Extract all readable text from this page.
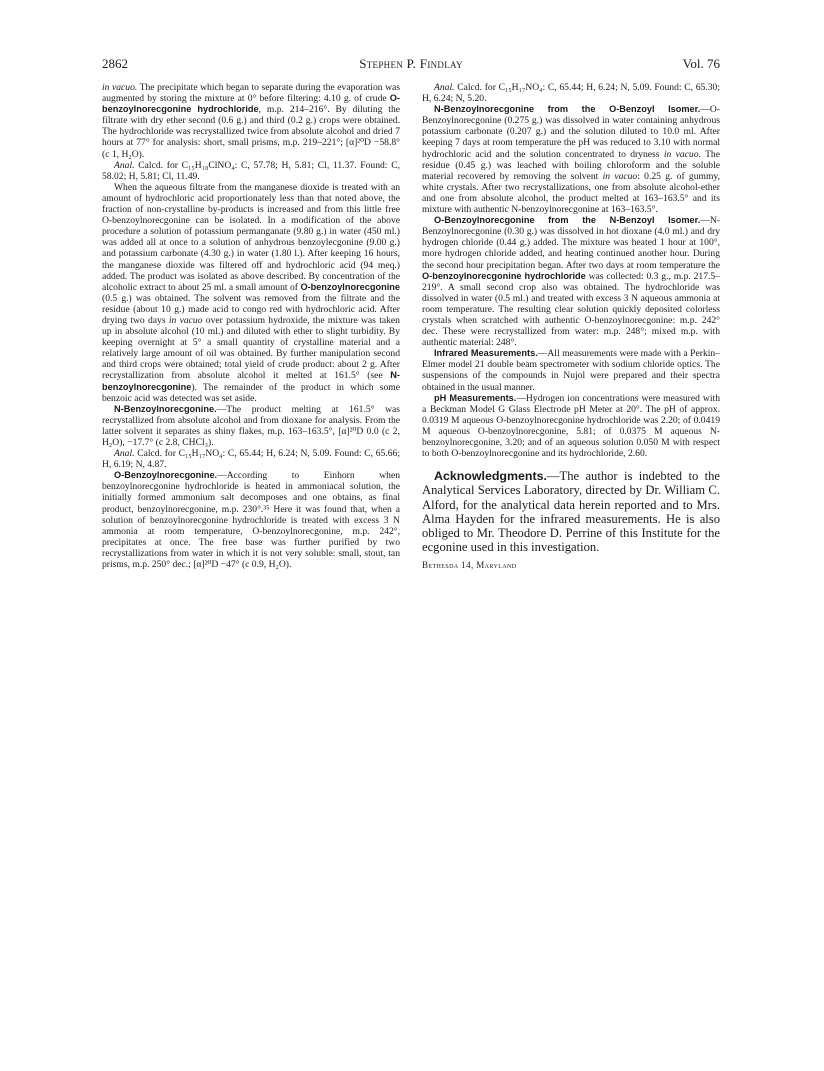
2862	Stephen P. Findlay	Vol. 76

in vacuo. The precipitate which began to separate during the evaporation was augmented by storing the mixture at 0° before filtering: 4.10 g. of crude O-benzoylnorecgonine hydrochloride, m.p. 214–216°. By diluting the filtrate with dry ether second (0.6 g.) and third (0.2 g.) crops were obtained. The hydrochloride was recrystallized twice from absolute alcohol and dried 7 hours at 77° for analysis: short, small prisms, m.p. 219–221°; [α]²⁰D −58.8° (c 1, H₂O).

Anal. Calcd. for C₁₅H₁₈ClNO₄: C, 57.78; H, 5.81; Cl, 11.37. Found: C, 58.02; H, 5.81; Cl, 11.49.

When the aqueous filtrate from the manganese dioxide is treated with an amount of hydrochloric acid proportionately less than that noted above, the fraction of non-crystalline by-products is increased and from this little free O-benzoylnorecgonine can be isolated. In a modification of the above procedure a solution of potassium permanganate (9.80 g.) in water (450 ml.) was added all at once to a solution of anhydrous benzoylecgonine (9.00 g.) and potassium carbonate (4.30 g.) in water (1.80 l.). After keeping 16 hours, the manganese dioxide was filtered off and hydrochloric acid (94 meq.) added. The product was isolated as above described. By concentration of the alcoholic extract to about 25 ml. a small amount of O-benzoylnorecgonine (0.5 g.) was obtained. The solvent was removed from the filtrate and the residue (about 10 g.) made acid to congo red with hydrochloric acid. After drying two days in vacuo over potassium hydroxide, the mixture was taken up in absolute alcohol (10 ml.) and diluted with ether to slight turbidity. By keeping overnight at 5° a small quantity of crystalline material and a relatively large amount of oil was obtained. By further manipulation second and third crops were obtained; total yield of crude product: about 2 g. After recrystallization from absolute alcohol it melted at 161.5° (see N-benzoylnorecgonine). The remainder of the product in which some benzoic acid was detected was set aside.

N-Benzoylnorecgonine.—The product melting at 161.5° was recrystallized from absolute alcohol and from dioxane for analysis. From the latter solvent it separates as shiny flakes, m.p. 163–163.5°, [α]²⁰D 0.0 (c 2, H₂O), −17.7° (c 2.8, CHCl₃).

Anal. Calcd. for C₁₅H₁₇NO₄: C, 65.44; H, 6.24; N, 5.09. Found: C, 65.66; H, 6.19; N, 4.87.

O-Benzoylnorecgonine.—According to Einhorn when benzoylnorecgonine hydrochloride is heated in ammoniacal solution, the initially formed ammonium salt decomposes and one obtains, as final product, benzoylnorecgonine, m.p. 230°.³⁵ Here it was found that, when a solution of benzoylnorecgonine hydrochloride is treated with excess 3 N ammonia at room temperature, O-benzoylnorecgonine, m.p. 242°, precipitates at once. The free base was further purified by two recrystallizations from water in which it is not very soluble: small, stout, tan prisms, m.p. 250° dec.; [α]²⁰D −47° (c 0.9, H₂O).

Anal. Calcd. for C₁₅H₁₇NO₄: C, 65.44; H, 6.24; N, 5.09. Found: C, 65.30; H, 6.24; N, 5.20.

N-Benzoylnorecgonine from the O-Benzoyl Isomer.—O-Benzoylnorecgonine (0.275 g.) was dissolved in water containing anhydrous potassium carbonate (0.207 g.) and the solution diluted to 10.0 ml. After keeping 7 days at room temperature the pH was reduced to 3.10 with normal hydrochloric acid and the solution concentrated to dryness in vacuo. The residue (0.45 g.) was leached with boiling chloroform and the soluble material recovered by removing the solvent in vacuo: 0.25 g. of gummy, white crystals. After two recrystallizations, one from absolute alcohol-ether and one from absolute alcohol, the product melted at 163–163.5° and its mixture with authentic N-benzoylnorecgonine at 163–163.5°.

O-Benzoylnorecgonine from the N-Benzoyl Isomer.—N-Benzoylnorecgonine (0.30 g.) was dissolved in hot dioxane (4.0 ml.) and dry hydrogen chloride (0.44 g.) added. The mixture was heated 1 hour at 100°, more hydrogen chloride added, and heating continued another hour. During the second hour precipitation began. After two days at room temperature the O-benzoylnorecgonine hydrochloride was collected: 0.3 g., m.p. 217.5–219°. A small second crop also was obtained. The hydrochloride was dissolved in water (0.5 ml.) and treated with excess 3 N aqueous ammonia at room temperature. The resulting clear solution quickly deposited colorless crystals when scratched with authentic O-benzoylnorecgonine: m.p. 242° dec. These were recrystallized from water: m.p. 248°; mixed m.p. with authentic material: 248°.

Infrared Measurements.—All measurements were made with a Perkin–Elmer model 21 double beam spectrometer with sodium chloride optics. The suspensions of the compounds in Nujol were prepared and their spectra obtained in the usual manner.

pH Measurements.—Hydrogen ion concentrations were measured with a Beckman Model G Glass Electrode pH Meter at 20°. The pH of approx. 0.0319 M aqueous O-benzoylnorecgonine hydrochloride was 2.20; of 0.0419 M aqueous O-benzoylnorecgonine, 5.81; of 0.0375 M aqueous N-benzoylnorecgonine, 3.20; and of an aqueous solution 0.050 M with respect to both O-benzoylnorecgonine and its hydrochloride, 2.60.

Acknowledgments.—The author is indebted to the Analytical Services Laboratory, directed by Dr. William C. Alford, for the analytical data herein reported and to Mrs. Alma Hayden for the infrared measurements. He is also obliged to Mr. Theodore D. Perrine of this Institute for the ecgonine used in this investigation.

Bethesda 14, Maryland
